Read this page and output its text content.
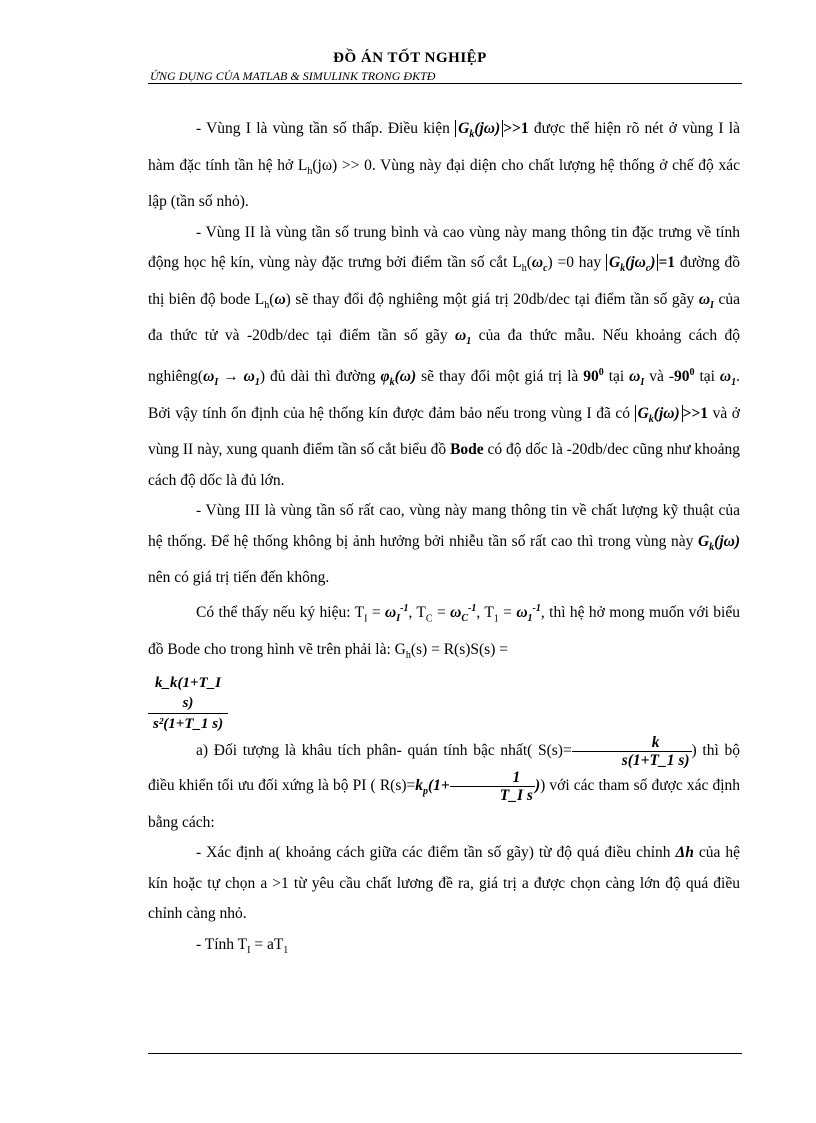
ĐỒ ÁN TỐT NGHIỆP
ỨNG DỤNG CỦA MATLAB & SIMULINK TRONG ĐKTĐ

- Vùng I là vùng tần số thấp. Điều kiện $G_k(j\omega) >>1$ được thể hiện rõ nét ở vùng I là hàm đặc tính tần hệ hở $L_h(j\omega) >> 0$. Vùng này đại diện cho chất lượng hệ thống ở chế độ xác lập (tần số nhỏ).

- Vùng II là vùng tần số trung bình và cao vùng này mang thông tin đặc trưng về tính động học hệ kín, vùng này đặc trưng bởi điểm tần số cắt $L_h(\omega_c) =0$ hay $G_k(j\omega_c) =1$ đường đồ thị biên độ bode $L_h(\omega)$ sẽ thay đổi độ nghiêng một giá trị 20db/dec tại điểm tần số gãy $\omega_I$ của đa thức tử và -20db/dec tại điểm tần số gãy $\omega_1$ của đa thức mẫu. Nếu khoảng cách độ $nghiêng(\omega_I \to \omega_1)$ đủ dài thì đường $\varphi_k(\omega)$ sẽ thay đổi một giá trị là $90^0$ tại $\omega_I$ và $-90^0$ tại $\omega_1$. Bởi vậy tính ổn định của hệ thống kín được đảm bảo nếu trong vùng I đã có $G_k(j\omega) >>1$ và ở vùng II này, xung quanh điểm tần số cắt biểu đồ Bode có độ dốc là -20db/dec cũng như khoảng cách độ dốc là đủ lớn.

- Vùng III là vùng tần số rất cao, vùng này mang thông tin về chất lượng kỹ thuật của hệ thống. Để hệ thống không bị ảnh hưởng bởi nhiễu tần số rất cao thì trong vùng này $G_k(j\omega)$ nên có giá trị tiến đến không.

Có thể thấy nếu ký hiệu: $T_I = \omega_I^{-1}$, $T_C = \omega_C^{-1}$, $T_1 = \omega_1^{-1}$, thì hệ hở mong muốn với biểu đồ Bode cho trong hình vẽ trên phải là: $G_h(s) = R(s)S(s)$ =

k_k(1+T_I s)
s²(1+T_1 s)

a) Đối tượng là khâu tích phân- quán tính bậc nhất( $S(s)= \frac{k}{s(1+T\_1 s)}$ ) thì bộ điều khiển tối ưu đối xứng là bộ PI ( $R(s)=k_p(1+ \frac{1}{\text{T\_I s}}$ )) với các tham số được xác định bằng cách:

- Xác định a( khoảng cách giữa các điểm tần số gãy) từ độ quá điều chỉnh Δh của hệ kín hoặc tự chọn a >1 từ yêu cầu chất lương đề ra, giá trị a được chọn càng lớn độ quá điều chỉnh càng nhỏ.

- Tính $T_I = aT_1$
